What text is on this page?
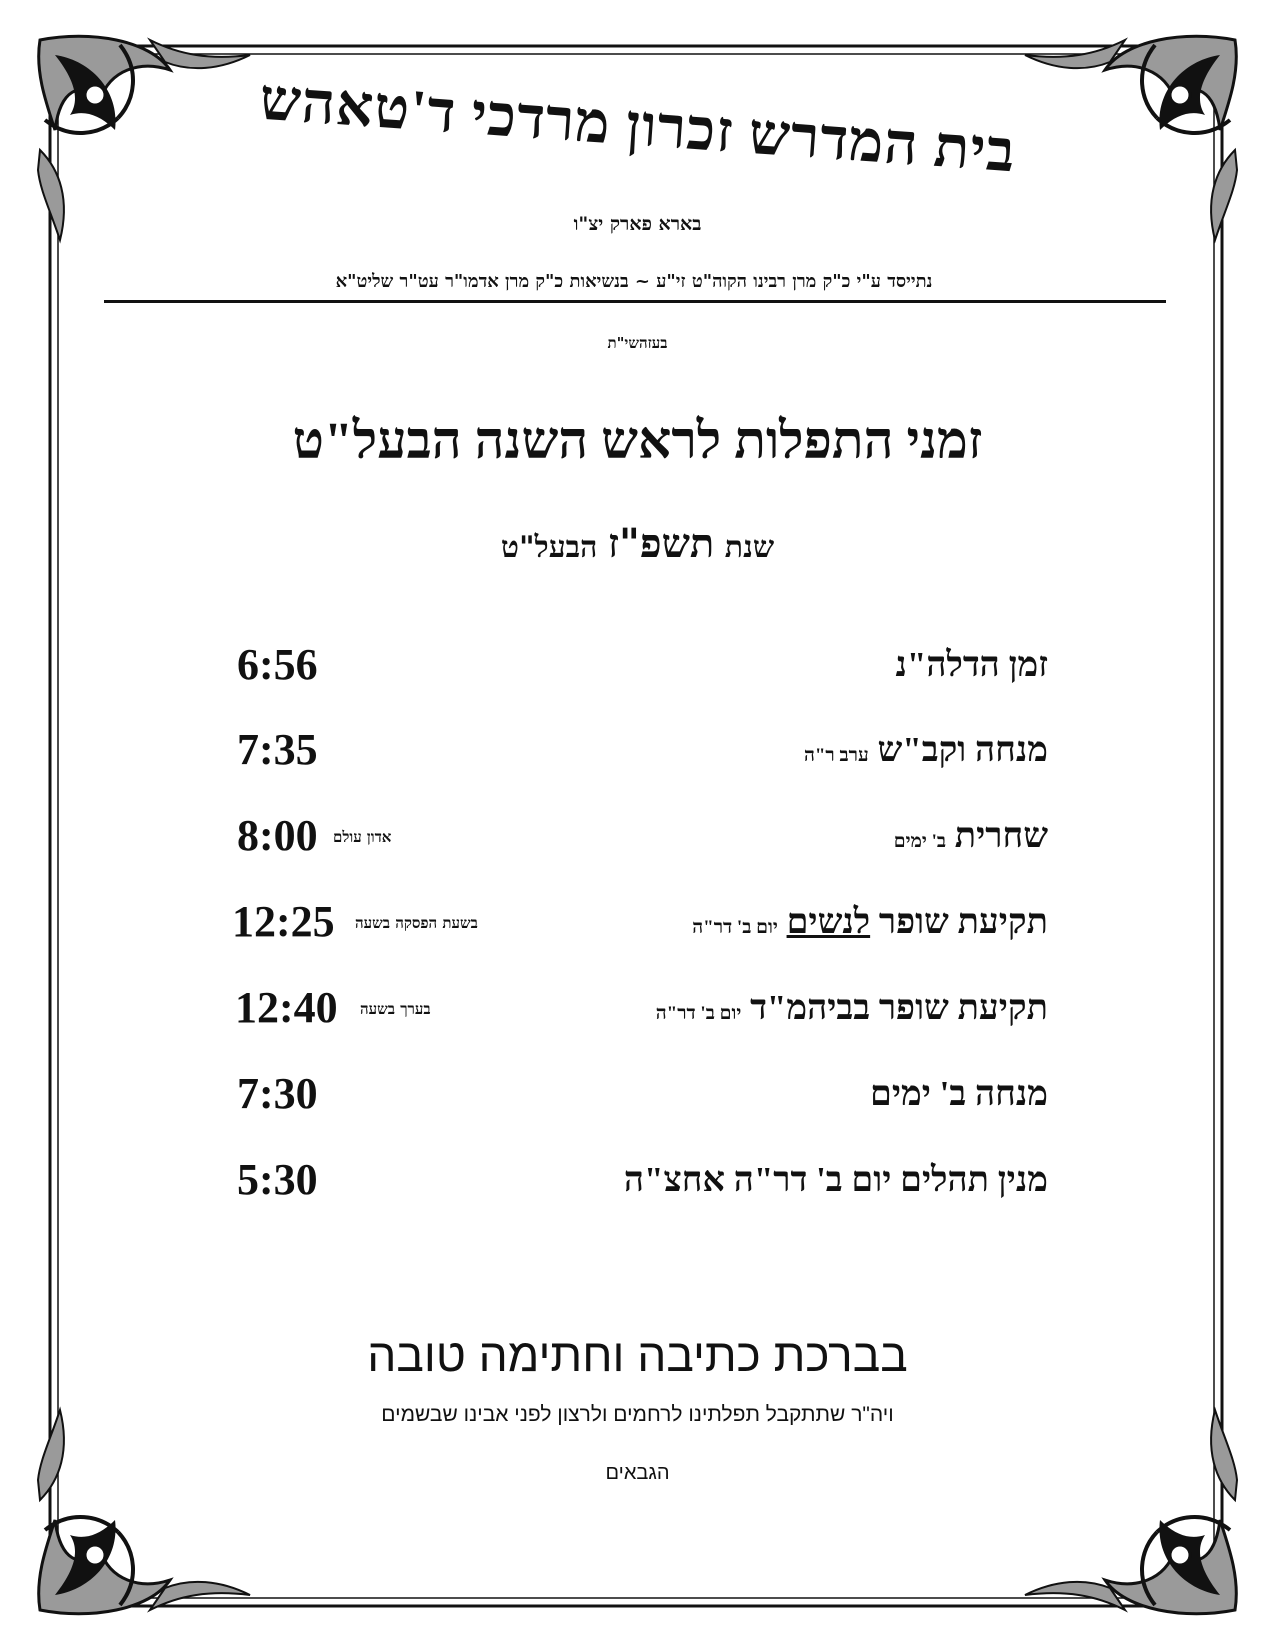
בית המדרש זכרון מרדכי ד'טאהש
בארא פארק יצ"ו
נתייסד ע"י כ"ק מרן רבינו הקוה"ט זי"ע ~ בנשיאות כ"ק מרן אדמו"ר עט"ר שליט"א
בעזהשי"ת
זמני התפלות לראש השנה הבעל"ט
שנת תשפ"ז הבעל"ט
זמן הדלה"נ
6:56
מנחה וקב"ש ערב ר"ה
7:35
שחרית ב' ימים
אדון עולם
8:00
תקיעת שופר לנשים יום ב' דר"ה
בשעת הפסקה בשעה
12:25
תקיעת שופר בביהמ"ד יום ב' דר"ה
בערך בשעה
12:40
מנחה ב' ימים
7:30
מנין תהלים יום ב' דר"ה אחצ"ה
5:30
בברכת כתיבה וחתימה טובה
ויה"ר שתתקבל תפלתינו לרחמים ולרצון לפני אבינו שבשמים
הגבאים
